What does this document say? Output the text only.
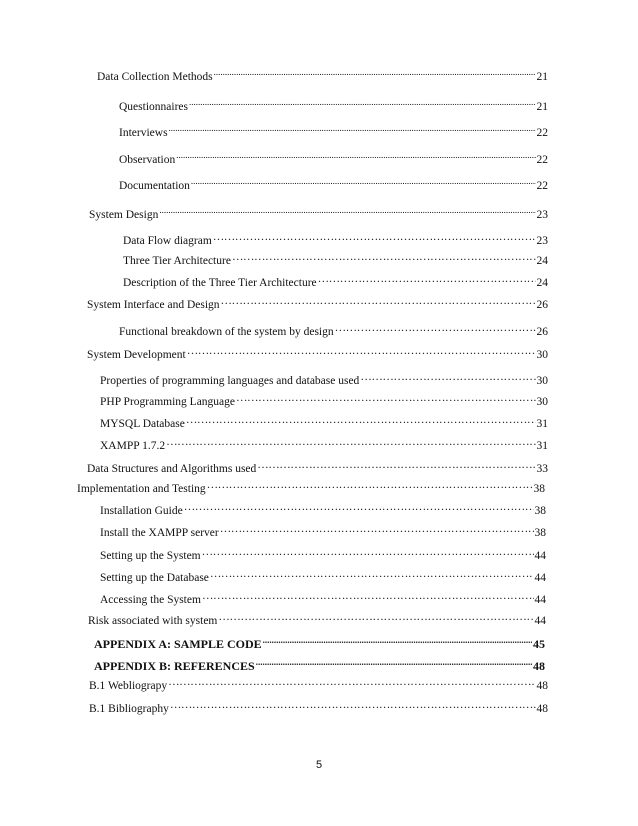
Data Collection Methods .....	21
Questionnaires .....	21
Interviews .....	22
Observation .....	22
Documentation .....	22
System Design .....	23
Data Flow diagram …………………………………………………………………………………………………………………………………………………………………………………………………………	23
Three Tier Architecture …………………………………………………………………………………………………………………………………………………………………………………………………………	24
Description of the Three Tier Architecture …………………………………………………………………………………………………………………………………………………………………………………………………………	24
System Interface and Design …………………………………………………………………………………………………………………………………………………………………………………………………………	26
Functional breakdown of the system by design …………………………………………………………………………………………………………………………………………………………………………………………………………	26
System Development …………………………………………………………………………………………………………………………………………………………………………………………………………	30
Properties of programming languages and database used …………………………………………………………………………………………………………………………………………………………………………………………………………	30
PHP Programming Language …………………………………………………………………………………………………………………………………………………………………………………………………………	30
MYSQL Database …………………………………………………………………………………………………………………………………………………………………………………………………………	31
XAMPP 1.7.2 …………………………………………………………………………………………………………………………………………………………………………………………………………	31
Data Structures and Algorithms used …………………………………………………………………………………………………………………………………………………………………………………………………………	33
Implementation and Testing …………………………………………………………………………………………………………………………………………………………………………………………………………	38
Installation Guide …………………………………………………………………………………………………………………………………………………………………………………………………………	38
Install the XAMPP server …………………………………………………………………………………………………………………………………………………………………………………………………………	38
Setting up the System …………………………………………………………………………………………………………………………………………………………………………………………………………	44
Setting up the Database …………………………………………………………………………………………………………………………………………………………………………………………………………	44
Accessing the System …………………………………………………………………………………………………………………………………………………………………………………………………………	44
Risk associated with system …………………………………………………………………………………………………………………………………………………………………………………………………………	44
APPENDIX A: SAMPLE CODE .....	45
APPENDIX B: REFERENCES .....	48
B.1 Webliograpy …………………………………………………………………………………………………………………………………………………………………………………………………………	48
B.1 Bibliography …………………………………………………………………………………………………………………………………………………………………………………………………………	48
5
